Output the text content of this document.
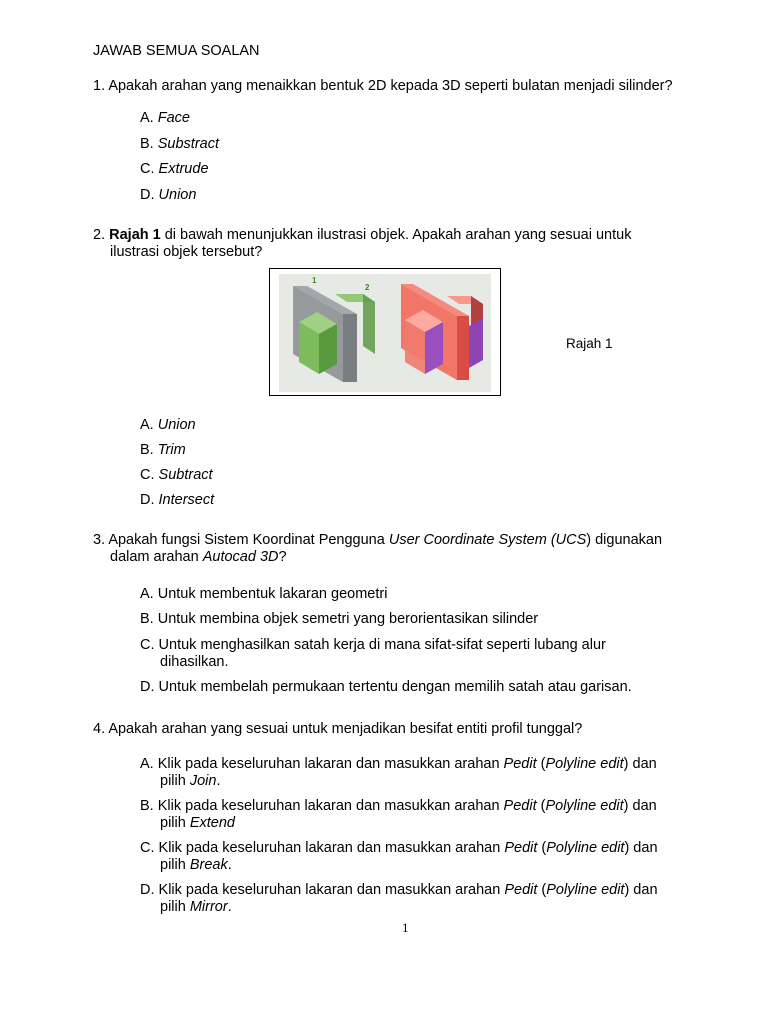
JAWAB SEMUA SOALAN
1. Apakah arahan yang menaikkan bentuk 2D kepada 3D seperti bulatan menjadi silinder?
A. Face
B. Substract
C. Extrude
D. Union
2. Rajah 1 di bawah menunjukkan ilustrasi objek. Apakah arahan yang sesuai untuk
ilustrasi objek tersebut?
1
2
Rajah 1
A. Union
B. Trim
C. Subtract
D. Intersect
3. Apakah fungsi Sistem Koordinat Pengguna User Coordinate System (UCS) digunakan
dalam arahan Autocad 3D?
A. Untuk membentuk lakaran geometri
B. Untuk membina objek semetri yang berorientasikan silinder
C. Untuk menghasilkan satah kerja di mana sifat-sifat seperti lubang alur
dihasilkan.
D. Untuk membelah permukaan tertentu dengan memilih satah atau garisan.
4. Apakah arahan yang sesuai untuk menjadikan besifat entiti profil tunggal?
A. Klik pada keseluruhan lakaran dan masukkan arahan Pedit (Polyline edit) dan
pilih Join.
B. Klik pada keseluruhan lakaran dan masukkan arahan Pedit (Polyline edit) dan
pilih Extend
C. Klik pada keseluruhan lakaran dan masukkan arahan Pedit (Polyline edit) dan
pilih Break.
D. Klik pada keseluruhan lakaran dan masukkan arahan Pedit (Polyline edit) dan
pilih Mirror.
1
